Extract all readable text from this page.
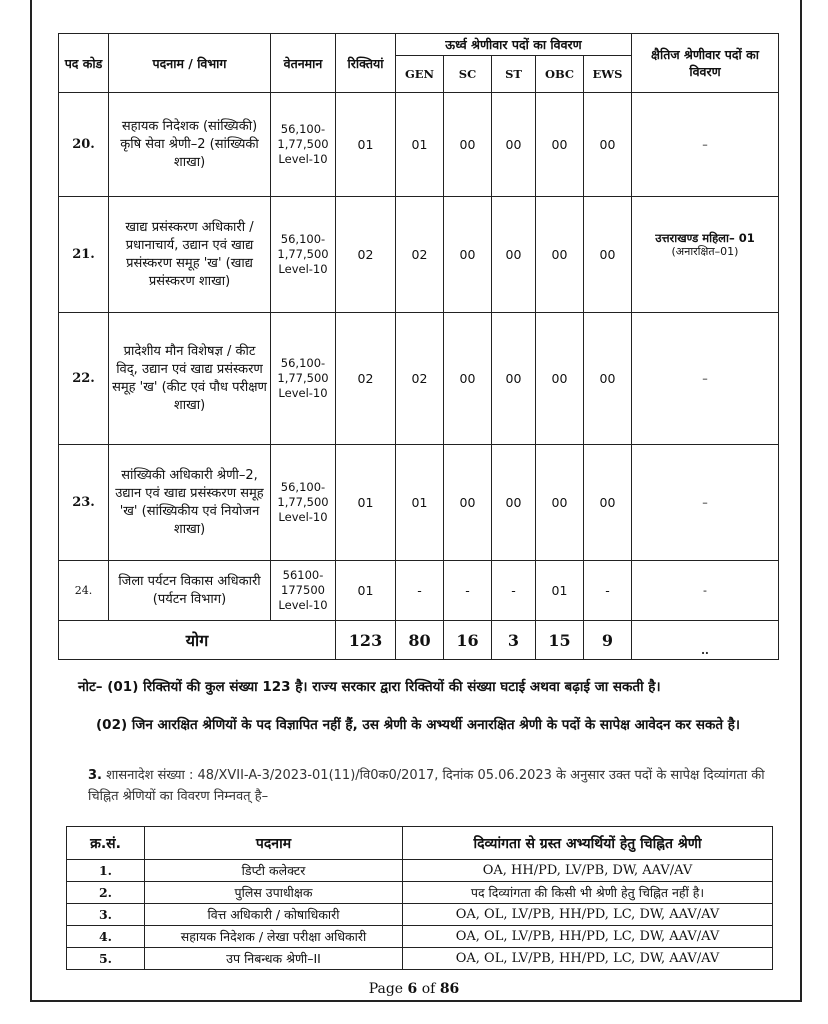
पद कोड	पदनाम / विभाग	वेतनमान	रिक्तियां	ऊर्ध्व श्रेणीवार पदों का विवरण					क्षैतिज श्रेणीवार पदों का विवरण
				GEN	SC	ST	OBC	EWS	
20.	सहायक निदेशक (सांख्यिकी) कृषि सेवा श्रेणी–2 (सांख्यिकी शाखा)	56,100-
1,77,500
Level-10	01	01	00	00	00	00	–
21.	खाद्य प्रसंस्करण अधिकारी / प्रधानाचार्य, उद्यान एवं खाद्य प्रसंस्करण समूह 'ख' (खाद्य प्रसंस्करण शाखा)	56,100-
1,77,500
Level-10	02	02	00	00	00	00	उत्तराखण्ड महिला– 01
(अनारक्षित–01)
22.	प्रादेशीय मौन विशेषज्ञ / कीट विद्, उद्यान एवं खाद्य प्रसंस्करण समूह 'ख' (कीट एवं पौध परीक्षण शाखा)	56,100-
1,77,500
Level-10	02	02	00	00	00	00	–
23.	सांख्यिकी अधिकारी श्रेणी–2, उद्यान एवं खाद्य प्रसंस्करण समूह 'ख' (सांख्यिकीय एवं नियोजन शाखा)	56,100-
1,77,500
Level-10	01	01	00	00	00	00	–
24.	जिला पर्यटन विकास अधिकारी (पर्यटन विभाग)	56100-
177500
Level-10	01	-	-	-	01	-	-
योग			123	80	16	3	15	9	..
नोट– (01) रिक्तियों की कुल संख्या 123 है। राज्य सरकार द्वारा रिक्तियों की संख्या घटाई अथवा बढ़ाई जा सकती है।
(02) जिन आरक्षित श्रेणियों के पद विज्ञापित नहीं हैं, उस श्रेणी के अभ्यर्थी अनारक्षित श्रेणी के पदों के सापेक्ष आवेदन कर सकते है।
3. शासनादेश संख्या : 48/XVII-A-3/2023-01(11)/वि0क0/2017, दिनांक 05.06.2023 के अनुसार उक्त पदों के सापेक्ष दिव्यांगता की चिह्नित श्रेणियों का विवरण निम्नवत् है–
क्र.सं.	पदनाम	दिव्यांगता से ग्रस्त अभ्यर्थियों हेतु चिह्नित श्रेणी
1.	डिप्टी कलेक्टर	OA, HH/PD, LV/PB, DW, AAV/AV
2.	पुलिस उपाधीक्षक	पद दिव्यांगता की किसी भी श्रेणी हेतु चिह्नित नहीं है।
3.	वित्त अधिकारी / कोषाधिकारी	OA, OL, LV/PB, HH/PD, LC, DW, AAV/AV
4.	सहायक निदेशक / लेखा परीक्षा अधिकारी	OA, OL, LV/PB, HH/PD, LC, DW, AAV/AV
5.	उप निबन्धक श्रेणी–II	OA, OL, LV/PB, HH/PD, LC, DW, AAV/AV
Page 6 of 86
